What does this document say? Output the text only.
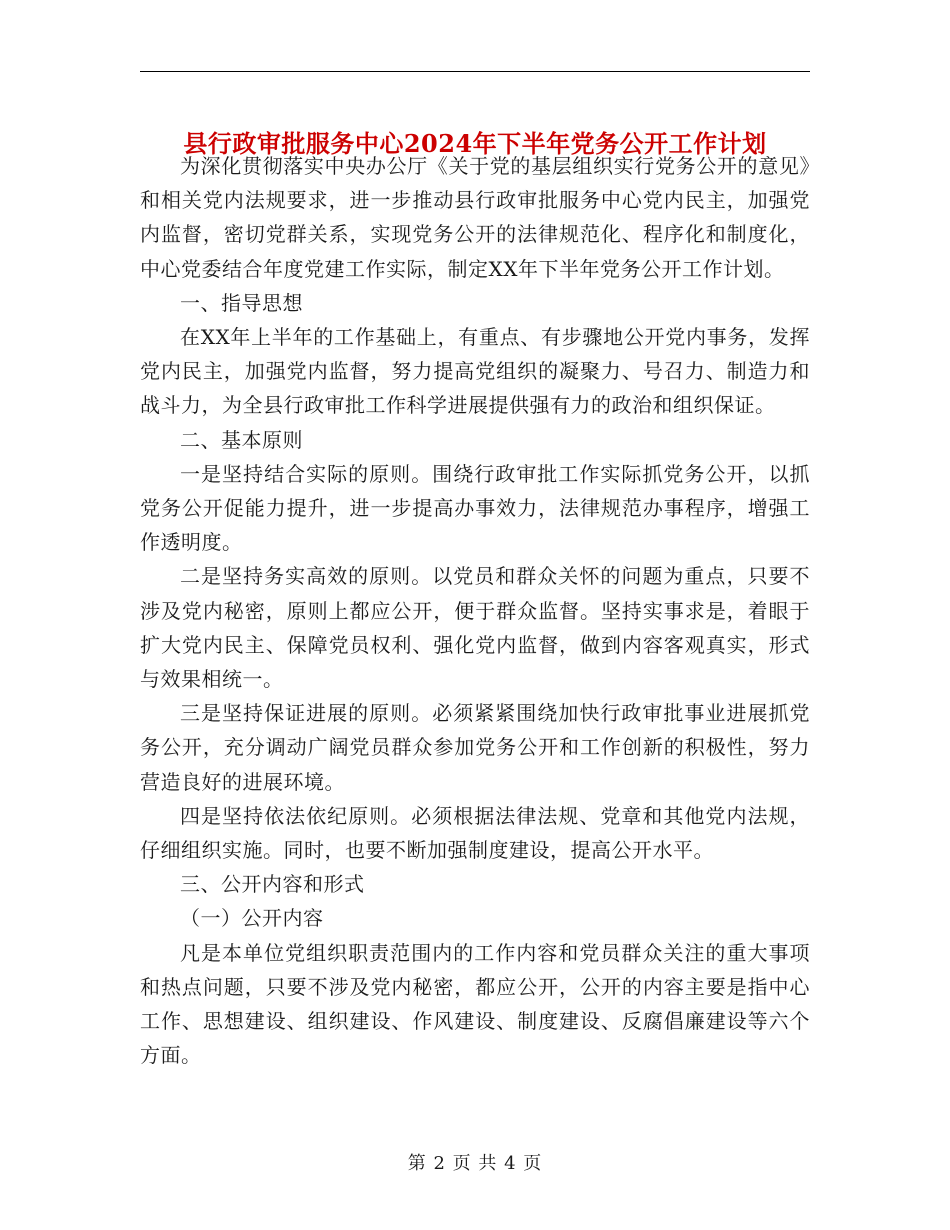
县行政审批服务中心2024年下半年党务公开工作计划

为深化贯彻落实中央办公厅《关于党的基层组织实行党务公开的意见》和相关党内法规要求，进一步推动县行政审批服务中心党内民主，加强党内监督，密切党群关系，实现党务公开的法律规范化、程序化和制度化，中心党委结合年度党建工作实际，制定XX年下半年党务公开工作计划。

一、指导思想

在XX年上半年的工作基础上，有重点、有步骤地公开党内事务，发挥党内民主，加强党内监督，努力提高党组织的凝聚力、号召力、制造力和战斗力，为全县行政审批工作科学进展提供强有力的政治和组织保证。

二、基本原则

一是坚持结合实际的原则。围绕行政审批工作实际抓党务公开，以抓党务公开促能力提升，进一步提高办事效力，法律规范办事程序，增强工作透明度。

二是坚持务实高效的原则。以党员和群众关怀的问题为重点，只要不涉及党内秘密，原则上都应公开，便于群众监督。坚持实事求是，着眼于扩大党内民主、保障党员权利、强化党内监督，做到内容客观真实，形式与效果相统一。

三是坚持保证进展的原则。必须紧紧围绕加快行政审批事业进展抓党务公开，充分调动广阔党员群众参加党务公开和工作创新的积极性，努力营造良好的进展环境。

四是坚持依法依纪原则。必须根据法律法规、党章和其他党内法规，仔细组织实施。同时，也要不断加强制度建设，提高公开水平。

三、公开内容和形式

（一）公开内容

凡是本单位党组织职责范围内的工作内容和党员群众关注的重大事项和热点问题，只要不涉及党内秘密，都应公开，公开的内容主要是指中心工作、思想建设、组织建设、作风建设、制度建设、反腐倡廉建设等六个方面。

第 2 页 共 4 页
